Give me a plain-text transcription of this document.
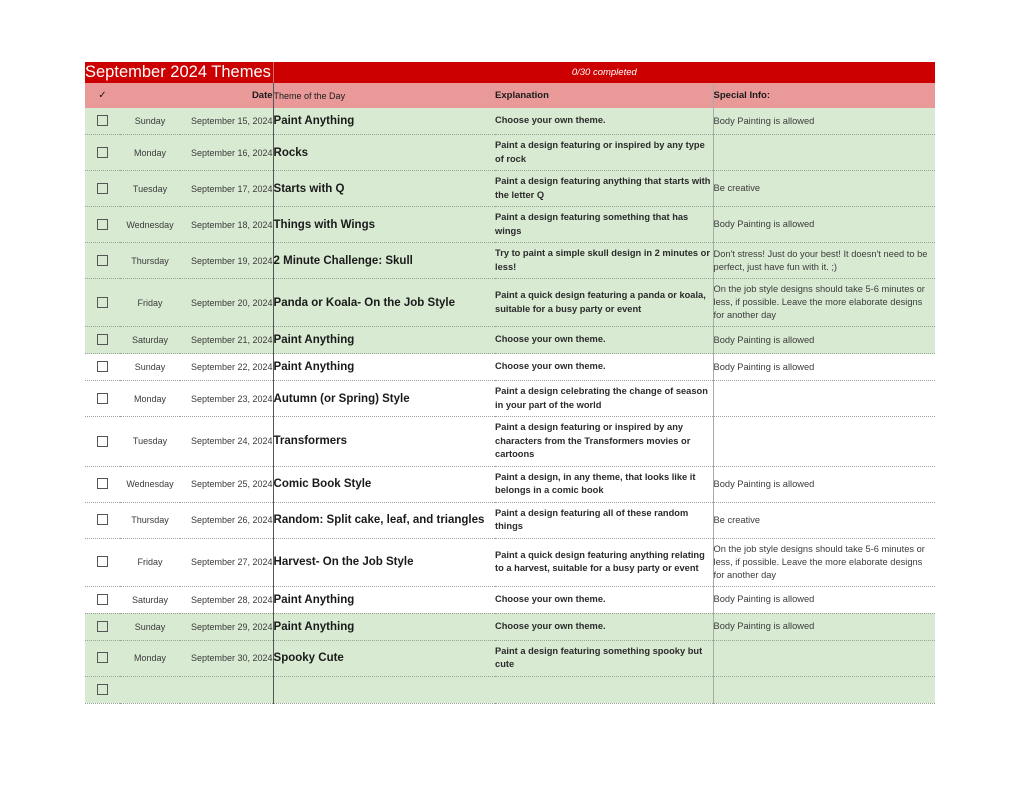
September 2024 Themes			0/30 completed		
✓		Date	Theme of the Day	Explanation	Special Info:
	Sunday	September 15, 2024	Paint Anything	Choose your own theme.	Body Painting is allowed
	Monday	September 16, 2024	Rocks	Paint a design featuring or inspired by any type of rock	
	Tuesday	September 17, 2024	Starts with Q	Paint a design featuring anything that starts with the letter Q	Be creative
	Wednesday	September 18, 2024	Things with Wings	Paint a design featuring something that has wings	Body Painting is allowed
	Thursday	September 19, 2024	2 Minute Challenge: Skull	Try to paint a simple skull design in 2 minutes or less!	Don't stress! Just do your best! It doesn't need to be perfect, just have fun with it. ;)
	Friday	September 20, 2024	Panda or Koala- On the Job Style	Paint a quick design featuring a panda or koala, suitable for a busy party or event	On the job style designs should take 5-6 minutes or less, if possible. Leave the more elaborate designs for another day
	Saturday	September 21, 2024	Paint Anything	Choose your own theme.	Body Painting is allowed
	Sunday	September 22, 2024	Paint Anything	Choose your own theme.	Body Painting is allowed
	Monday	September 23, 2024	Autumn (or Spring) Style	Paint a design celebrating the change of season in your part of the world	
	Tuesday	September 24, 2024	Transformers	Paint a design featuring or inspired by any characters from the Transformers movies or cartoons	
	Wednesday	September 25, 2024	Comic Book Style	Paint a design, in any theme, that looks like it belongs in a comic book	Body Painting is allowed
	Thursday	September 26, 2024	Random: Split cake, leaf, and triangles	Paint a design featuring all of these random things	Be creative
	Friday	September 27, 2024	Harvest- On the Job Style	Paint a quick design featuring anything relating to a harvest, suitable for a busy party or event	On the job style designs should take 5-6 minutes or less, if possible. Leave the more elaborate designs for another day
	Saturday	September 28, 2024	Paint Anything	Choose your own theme.	Body Painting is allowed
	Sunday	September 29, 2024	Paint Anything	Choose your own theme.	Body Painting is allowed
	Monday	September 30, 2024	Spooky Cute	Paint a design featuring something spooky but cute	
